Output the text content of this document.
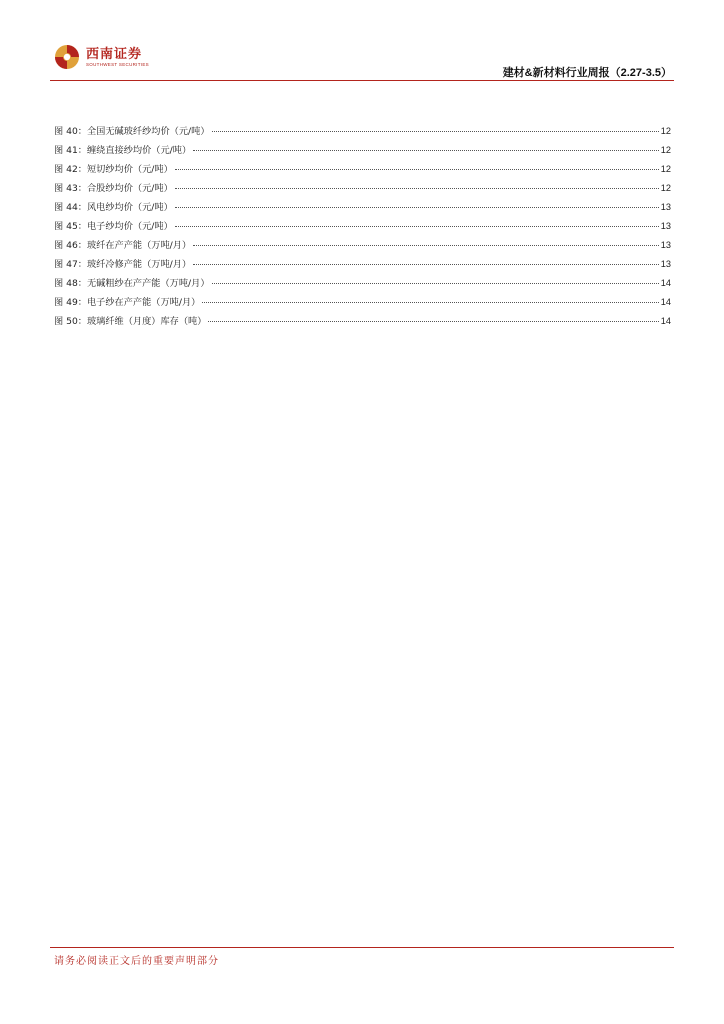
西南证券
SOUTHWEST SECURITIES
建材&新材料行业周报（2.27-3.5）
图 40：全国无碱玻纤纱均价（元/吨）	12
图 41：缠绕直接纱均价（元/吨）	12
图 42：短切纱均价（元/吨）	12
图 43：合股纱均价（元/吨）	12
图 44：风电纱均价（元/吨）	13
图 45：电子纱均价（元/吨）	13
图 46：玻纤在产产能（万吨/月）	13
图 47：玻纤冷修产能（万吨/月）	13
图 48：无碱粗纱在产产能（万吨/月）	14
图 49：电子纱在产产能（万吨/月）	14
图 50：玻璃纤维（月度）库存（吨）	14
请务必阅读正文后的重要声明部分
